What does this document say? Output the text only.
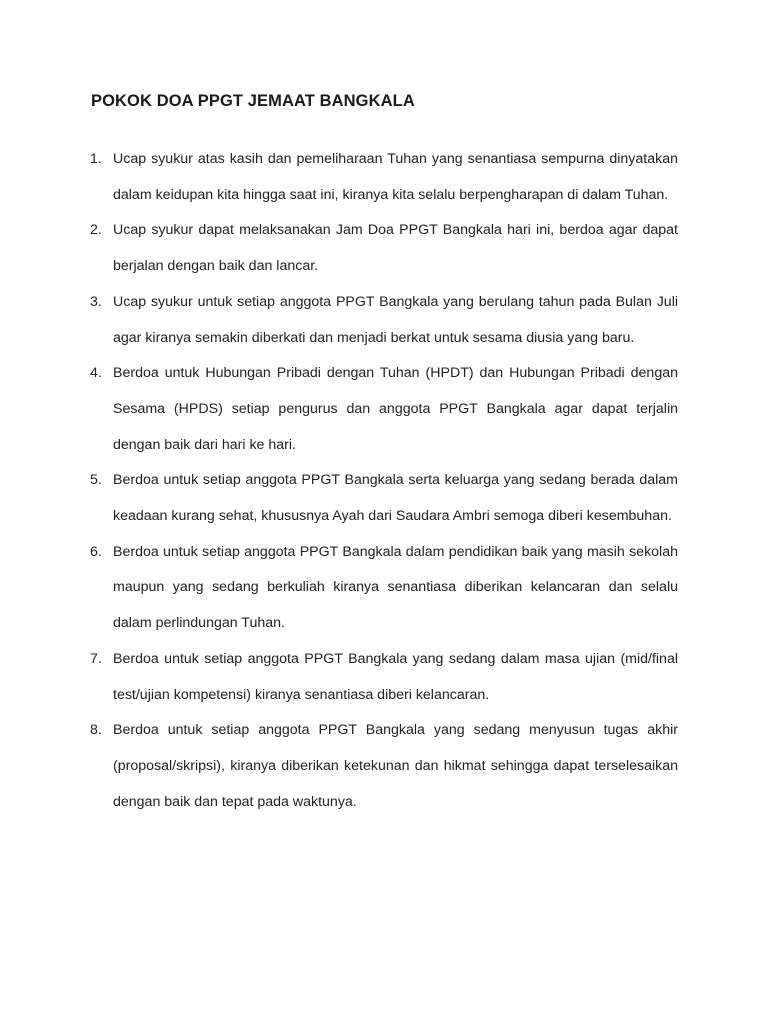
POKOK DOA PPGT JEMAAT BANGKALA
1. Ucap syukur atas kasih dan pemeliharaan Tuhan yang senantiasa sempurna dinyatakan dalam keidupan kita hingga saat ini, kiranya kita selalu berpengharapan di dalam Tuhan.
2. Ucap syukur dapat melaksanakan Jam Doa PPGT Bangkala hari ini, berdoa agar dapat berjalan dengan baik dan lancar.
3. Ucap syukur untuk setiap anggota PPGT Bangkala yang berulang tahun pada Bulan Juli agar kiranya semakin diberkati dan menjadi berkat untuk sesama diusia yang baru.
4. Berdoa untuk Hubungan Pribadi dengan Tuhan (HPDT) dan Hubungan Pribadi dengan Sesama (HPDS) setiap pengurus dan anggota PPGT Bangkala agar dapat terjalin dengan baik dari hari ke hari.
5. Berdoa untuk setiap anggota PPGT Bangkala serta keluarga yang sedang berada dalam keadaan kurang sehat, khususnya Ayah dari Saudara Ambri semoga diberi kesembuhan.
6. Berdoa untuk setiap anggota PPGT Bangkala dalam pendidikan baik yang masih sekolah maupun yang sedang berkuliah kiranya senantiasa diberikan kelancaran dan selalu dalam perlindungan Tuhan.
7. Berdoa untuk setiap anggota PPGT Bangkala yang sedang dalam masa ujian (mid/final test/ujian kompetensi) kiranya senantiasa diberi kelancaran.
8. Berdoa untuk setiap anggota PPGT Bangkala yang sedang menyusun tugas akhir (proposal/skripsi), kiranya diberikan ketekunan dan hikmat sehingga dapat terselesaikan dengan baik dan tepat pada waktunya.
